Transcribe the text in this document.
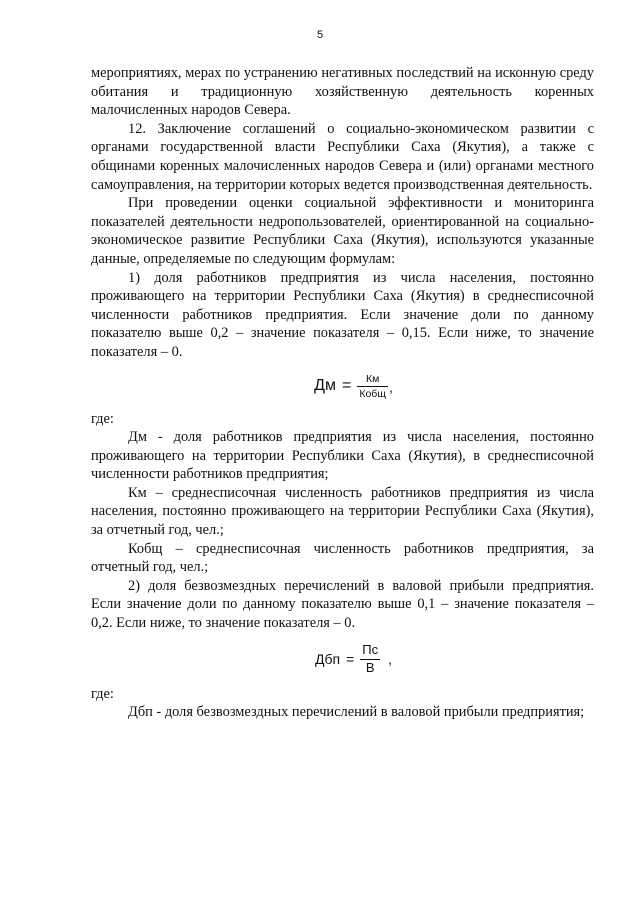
5

мероприятиях, мерах по устранению негативных последствий на исконную среду обитания и традиционную хозяйственную деятельность коренных малочисленных народов Севера.

12. Заключение соглашений о социально-экономическом развитии с органами государственной власти Республики Саха (Якутия), а также с общинами коренных малочисленных народов Севера и (или) органами местного самоуправления, на территории которых ведется производственная деятельность.

При проведении оценки социальной эффективности и мониторинга показателей деятельности недропользователей, ориентированной на социально-экономическое развитие Республики Саха (Якутия), используются указанные данные, определяемые по следующим формулам:

1) доля работников предприятия из числа населения, постоянно проживающего на территории Республики Саха (Якутия) в среднесписочной численности работников предприятия. Если значение доли по данному показателю выше 0,2 – значение показателя – 0,15. Если ниже, то значение показателя – 0.

Дм = $\frac{Км}{\text{Кобщ}}$ ,

где:

Дм - доля работников предприятия из числа населения, постоянно проживающего на территории Республики Саха (Якутия), в среднесписочной численности работников предприятия;

Км – среднесписочная численность работников предприятия из числа населения, постоянно проживающего на территории Республики Саха (Якутия), за отчетный год, чел.;

Кобщ – среднесписочная численность работников предприятия, за отчетный год, чел.;

2) доля безвозмездных перечислений в валовой прибыли предприятия. Если значение доли по данному показателю выше 0,1 – значение показателя – 0,2. Если ниже, то значение показателя – 0.

Дбп = $\frac{Пс}{В}$ ,

где:

Дбп - доля безвозмездных перечислений в валовой прибыли предприятия;
